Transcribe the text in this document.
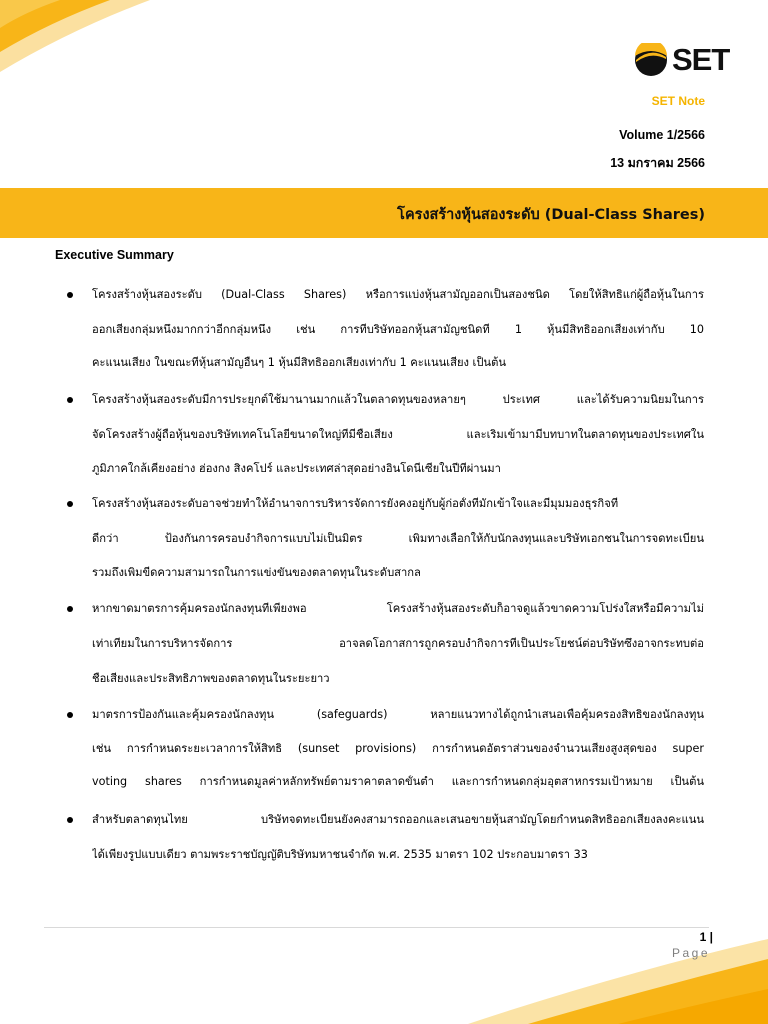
SET
SET Note
Volume 1/2566
13 มกราคม 2566
โครงสร้างหุ้นสองระดับ (Dual-Class Shares)
Executive Summary
โครงสร้างหุ้นสองระดับ (Dual-Class Shares) หรือการแบ่งหุ้นสามัญออกเป็นสองชนิด โดยให้สิทธิแก่ผู้ถือหุ้นในการ
ออกเสียงกลุ่มหนึ่งมากกว่าอีกกลุ่มหนึ่ง เช่น การที่บริษัทออกหุ้นสามัญชนิดที่ 1 หุ้นมีสิทธิออกเสียงเท่ากับ 10
คะแนนเสียง ในขณะที่หุ้นสามัญอื่นๆ 1 หุ้นมีสิทธิออกเสียงเท่ากับ 1 คะแนนเสียง เป็นต้น
โครงสร้างหุ้นสองระดับมีการประยุกต์ใช้มานานมากแล้วในตลาดทุนของหลายๆ ประเทศ และได้รับความนิยมในการ
จัดโครงสร้างผู้ถือหุ้นของบริษัทเทคโนโลยีขนาดใหญ่ที่มีชื่อเสียง และเริ่มเข้ามามีบทบาทในตลาดทุนของประเทศใน
ภูมิภาคใกล้เคียงอย่าง ฮ่องกง สิงคโปร์ และประเทศล่าสุดอย่างอินโดนีเซียในปีที่ผ่านมา
โครงสร้างหุ้นสองระดับอาจช่วยทำให้อำนาจการบริหารจัดการยังคงอยู่กับผู้ก่อตั้งที่มักเข้าใจและมีมุมมองธุรกิจที่
ดีกว่า ป้องกันการครอบงำกิจการแบบไม่เป็นมิตร เพิ่มทางเลือกให้กับนักลงทุนและบริษัทเอกชนในการจดทะเบียน
รวมถึงเพิ่มขีดความสามารถในการแข่งขันของตลาดทุนในระดับสากล
หากขาดมาตรการคุ้มครองนักลงทุนที่เพียงพอ โครงสร้างหุ้นสองระดับก็อาจดูแล้วขาดความโปร่งใสหรือมีความไม่
เท่าเทียมในการบริหารจัดการ อาจลดโอกาสการถูกครอบงำกิจการที่เป็นประโยชน์ต่อบริษัทซึ่งอาจกระทบต่อ
ชื่อเสียงและประสิทธิภาพของตลาดทุนในระยะยาว
มาตรการป้องกันและคุ้มครองนักลงทุน (safeguards) หลายแนวทางได้ถูกนำเสนอเพื่อคุ้มครองสิทธิของนักลงทุน
เช่น การกำหนดระยะเวลาการให้สิทธิ (sunset provisions) การกำหนดอัตราส่วนของจำนวนเสียงสูงสุดของ super
voting shares การกำหนดมูลค่าหลักทรัพย์ตามราคาตลาดขั้นต่ำ และการกำหนดกลุ่มอุตสาหกรรมเป้าหมาย เป็นต้น
สำหรับตลาดทุนไทย บริษัทจดทะเบียนยังคงสามารถออกและเสนอขายหุ้นสามัญโดยกำหนดสิทธิออกเสียงลงคะแนน
ได้เพียงรูปแบบเดียว ตามพระราชบัญญัติบริษัทมหาชนจำกัด พ.ศ. 2535 มาตรา 102 ประกอบมาตรา 33
1 |
Page
